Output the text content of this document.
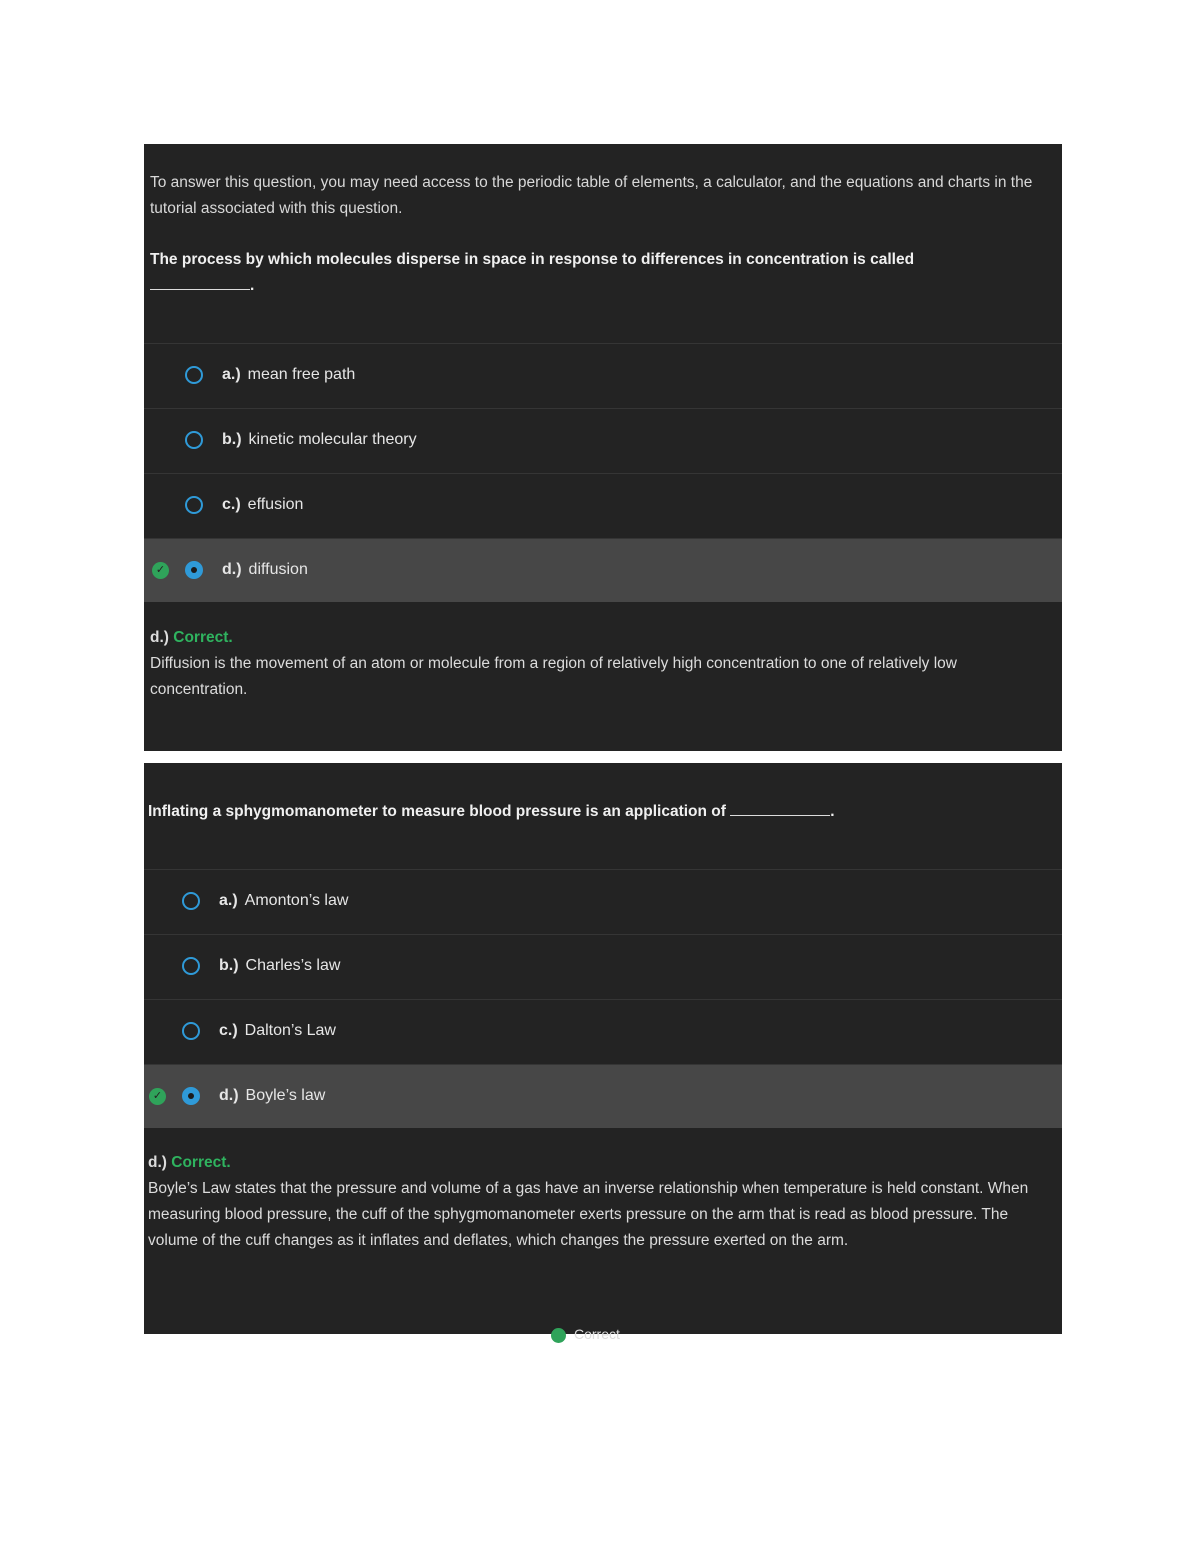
To answer this question, you may need access to the periodic table of elements, a calculator, and the equations and charts in the tutorial associated with this question.
The process by which molecules disperse in space in response to differences in concentration is called
.
a.) mean free path
b.) kinetic molecular theory
c.) effusion
✓	d.) diffusion
d.) Correct.
Diffusion is the movement of an atom or molecule from a region of relatively high concentration to one of relatively low concentration.
Inflating a sphygmomanometer to measure blood pressure is an application of	.
a.) Amonton’s law
b.) Charles’s law
c.) Dalton’s Law
✓	d.) Boyle’s law
d.) Correct.
Boyle’s Law states that the pressure and volume of a gas have an inverse relationship when temperature is held constant. When measuring blood pressure, the cuff of the sphygmomanometer exerts pressure on the arm that is read as blood pressure. The volume of the cuff changes as it inflates and deflates, which changes the pressure exerted on the arm.
Correct
